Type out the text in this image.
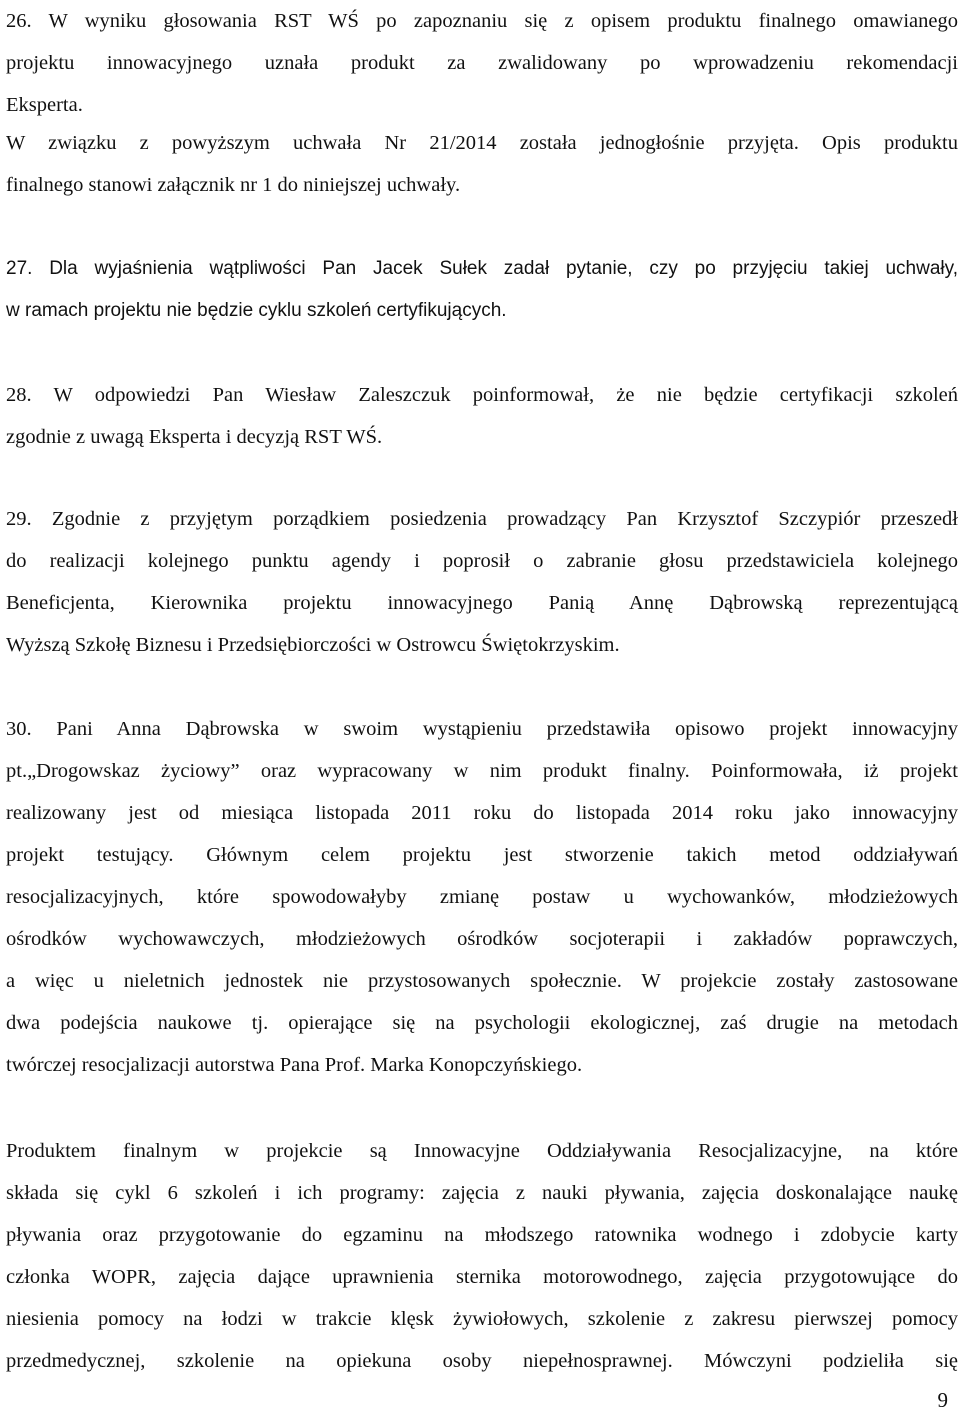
26. W wyniku głosowania RST WŚ po zapoznaniu się z opisem produktu finalnego omawianego
projektu innowacyjnego uznała produkt za zwalidowany po wprowadzeniu rekomendacji
Eksperta.

W związku z powyższym uchwała Nr 21/2014 została jednogłośnie przyjęta. Opis produktu
finalnego stanowi załącznik nr 1 do niniejszej uchwały.

27. Dla wyjaśnienia wątpliwości Pan Jacek Sułek zadał pytanie, czy po przyjęciu takiej uchwały,
w ramach projektu nie będzie cyklu szkoleń certyfikujących.

28. W odpowiedzi Pan Wiesław Zaleszczuk poinformował, że nie będzie certyfikacji szkoleń
zgodnie z uwagą Eksperta i decyzją RST WŚ.

29. Zgodnie z przyjętym porządkiem posiedzenia prowadzący Pan Krzysztof Szczypiór przeszedł
do realizacji kolejnego punktu agendy i poprosił o zabranie głosu przedstawiciela kolejnego
Beneficjenta, Kierownika projektu innowacyjnego Panią Annę Dąbrowską reprezentującą
Wyższą Szkołę Biznesu i Przedsiębiorczości w Ostrowcu Świętokrzyskim.

30. Pani Anna Dąbrowska w swoim wystąpieniu przedstawiła opisowo projekt innowacyjny
pt.„Drogowskaz życiowy” oraz wypracowany w nim produkt finalny. Poinformowała, iż projekt
realizowany jest od miesiąca listopada 2011 roku do listopada 2014 roku jako innowacyjny
projekt testujący. Głównym celem projektu jest stworzenie takich metod oddziaływań
resocjalizacyjnych, które spowodowałyby zmianę postaw u wychowanków, młodzieżowych
ośrodków wychowawczych, młodzieżowych ośrodków socjoterapii i zakładów poprawczych,
a więc u nieletnich jednostek nie przystosowanych społecznie. W projekcie zostały zastosowane
dwa podejścia naukowe tj. opierające się na psychologii ekologicznej, zaś drugie na metodach
twórczej resocjalizacji autorstwa Pana Prof. Marka Konopczyńskiego.

Produktem finalnym w projekcie są Innowacyjne Oddziaływania Resocjalizacyjne, na które
składa się cykl 6 szkoleń i ich programy: zajęcia z nauki pływania, zajęcia doskonalające naukę
pływania oraz przygotowanie do egzaminu na młodszego ratownika wodnego i zdobycie karty
członka WOPR, zajęcia dające uprawnienia sternika motorowodnego, zajęcia przygotowujące do
niesienia pomocy na łodzi w trakcie klęsk żywiołowych, szkolenie z zakresu pierwszej pomocy
przedmedycznej, szkolenie na opiekuna osoby niepełnosprawnej. Mówczyni podzieliła się

9
